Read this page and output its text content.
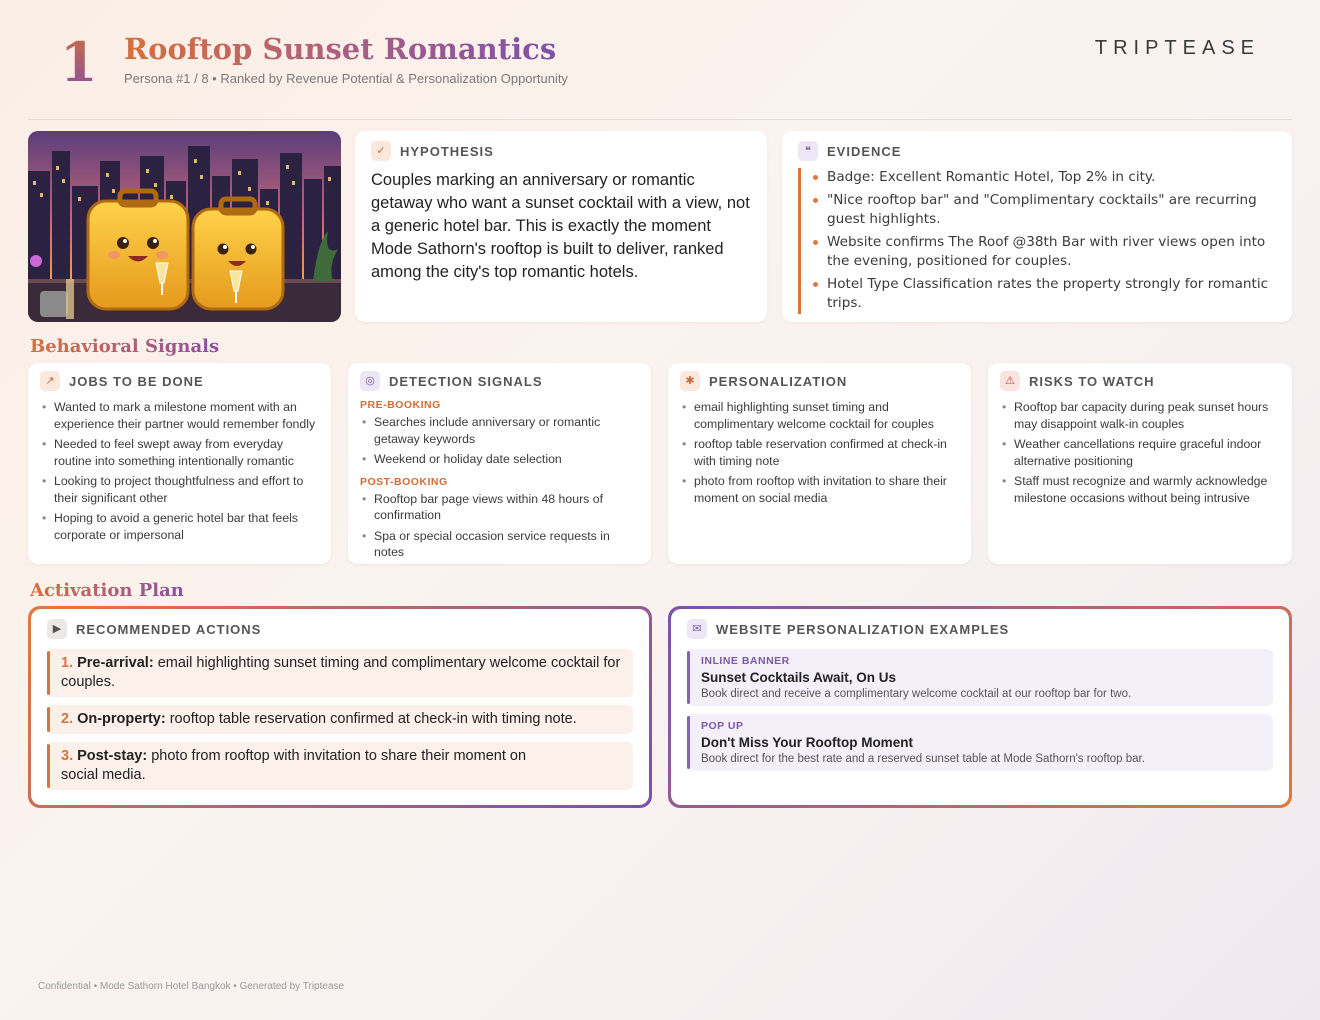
1 Rooftop Sunset Romantics
Persona #1 / 8 • Ranked by Revenue Potential & Personalization Opportunity
TRIPTEASE
✓	HYPOTHESIS
Couples marking an anniversary or romantic getaway who want a sunset cocktail with a view, not a generic hotel bar. This is exactly the moment Mode Sathorn's rooftop is built to deliver, ranked among the city's top romantic hotels.
❝	EVIDENCE
Badge: Excellent Romantic Hotel, Top 2% in city.
"Nice rooftop bar" and "Complimentary cocktails" are recurring guest highlights.
Website confirms The Roof @38th Bar with river views open into the evening, positioned for couples.
Hotel Type Classification rates the property strongly for romantic trips.
Behavioral Signals
↗	JOBS TO BE DONE
• Wanted to mark a milestone moment with an experience their partner would remember fondly
• Needed to feel swept away from everyday routine into something intentionally romantic
• Looking to project thoughtfulness and effort to their significant other
• Hoping to avoid a generic hotel bar that feels corporate or impersonal
◎	DETECTION SIGNALS
PRE-BOOKING
• Searches include anniversary or romantic getaway keywords
• Weekend or holiday date selection
POST-BOOKING
• Rooftop bar page views within 48 hours of confirmation
• Spa or special occasion service requests in notes
✱	PERSONALIZATION
• email highlighting sunset timing and complimentary welcome cocktail for couples
• rooftop table reservation confirmed at check-in with timing note
• photo from rooftop with invitation to share their moment on social media
⚠	RISKS TO WATCH
• Rooftop bar capacity during peak sunset hours may disappoint walk-in couples
• Weather cancellations require graceful indoor alternative positioning
• Staff must recognize and warmly acknowledge milestone occasions without being intrusive
Activation Plan
▶	RECOMMENDED ACTIONS
1. Pre-arrival: email highlighting sunset timing and complimentary welcome cocktail for couples.
2. On-property: rooftop table reservation confirmed at check-in with timing note.
3. Post-stay: photo from rooftop with invitation to share their moment on social media.
✉	WEBSITE PERSONALIZATION EXAMPLES
INLINE BANNER
Sunset Cocktails Await, On Us
Book direct and receive a complimentary welcome cocktail at our rooftop bar for two.
POP UP
Don't Miss Your Rooftop Moment
Book direct for the best rate and a reserved sunset table at Mode Sathorn's rooftop bar.
Confidential • Mode Sathorn Hotel Bangkok • Generated by Triptease
